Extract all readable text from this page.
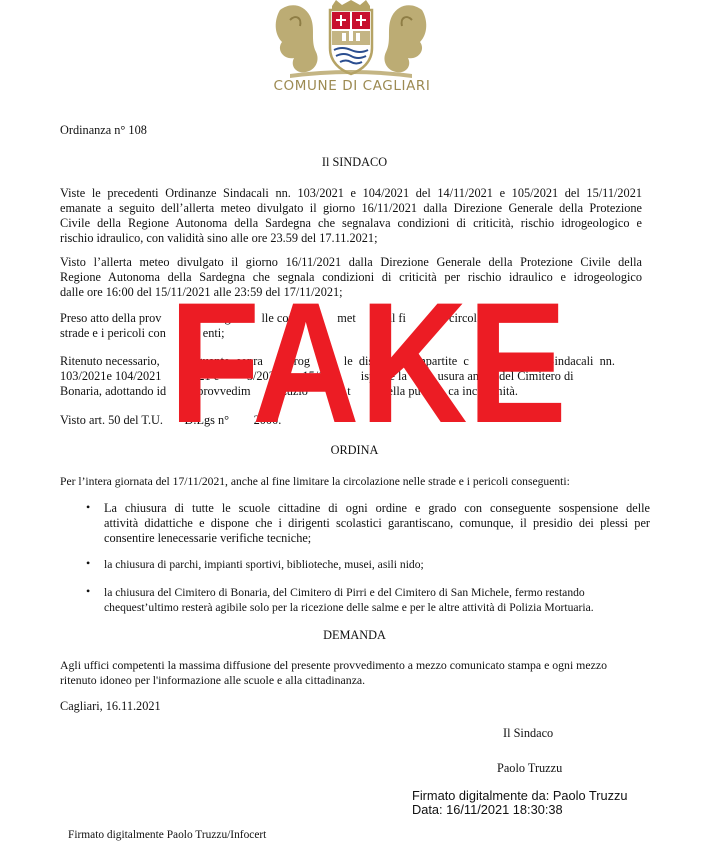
COMUNE DI CAGLIARI
Ordinanza n° 108
Il SINDACO
Viste le precedenti Ordinanze Sindacali nn. 103/2021 e 104/2021 del 14/11/2021 e 105/2021 del 15/11/2021
emanate a seguito dell’allerta meteo divulgato il giorno 16/11/2021 dalla Direzione Generale della Protezione
Civile della Regione Autonoma della Sardegna che segnalava condizioni di criticità, rischio idrogeologico e
rischio idraulico, con validità sino alle ore 23.59 del 17.11.2021;
Visto l’allerta meteo divulgato il giorno 16/11/2021 dalla Direzione Generale della Protezione Civile della
Regione Autonoma della Sardegna che segnala condizioni di criticità per rischio idraulico e idrogeologico
dalle ore 16:00 del 15/11/2021 alle 23:59 del 17/11/2021;
Preso atto della prov          one neg          lle condiz         met          al fi              circolazione nelle
strade e i pericoli con            enti;
Ritenuto necessario,            quanto  sopra          rog           le  disp            mpartite  c       Ordinanze  Sindacali  nn.
103/2021e 104/2021          021 e         5/202         15/11          isporre la          usura anche del Cimitero di
Bonaria, adottando id        i provvedim          zuzio          a t          della pu         ca incolumità.
Visto art. 50 del T.U.       D.Lgs n°        2000.
ORDINA
Per l’intera giornata del 17/11/2021, anche al fine limitare la circolazione nelle strade e i pericoli conseguenti:
• La chiusura di tutte le scuole cittadine di ogni ordine e grado con conseguente sospensione delle
attività didattiche e dispone che i dirigenti scolastici garantiscano, comunque, il presidio dei plessi per
consentire lenecessarie verifiche tecniche;
• la chiusura di parchi, impianti sportivi, biblioteche, musei, asili nido;
• la chiusura del Cimitero di Bonaria, del Cimitero di Pirri e del Cimitero di San Michele, fermo restando
chequest’ultimo resterà agibile solo per la ricezione delle salme e per le altre attività di Polizia Mortuaria.
DEMANDA
Agli uffici competenti la massima diffusione del presente provvedimento a mezzo comunicato stampa e ogni mezzo
ritenuto idoneo per l'informazione alle scuole e alla cittadinanza.
Cagliari, 16.11.2021
Il Sindaco
Paolo Truzzu
Firmato digitalmente da: Paolo Truzzu
Data: 16/11/2021 18:30:38
Firmato digitalmente Paolo Truzzu/Infocert
FAKE
